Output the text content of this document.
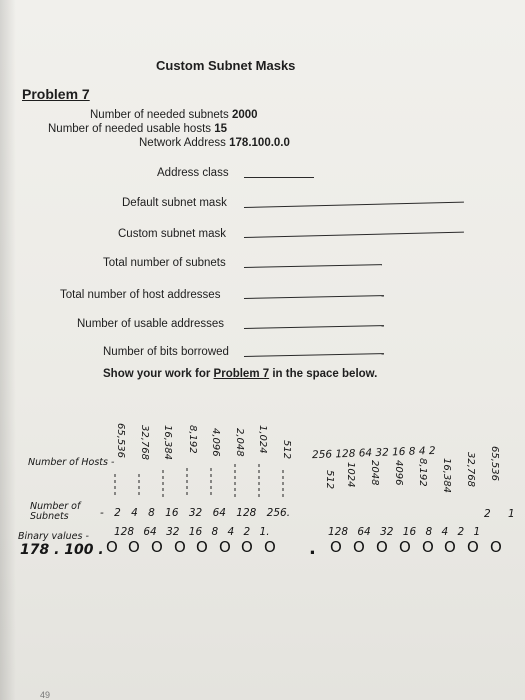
Custom Subnet Masks
Problem 7
Number of needed subnets 2000
Number of needed usable hosts 15
Network Address 178.100.0.0
Address class
Default subnet mask
Custom subnet mask
Total number of subnets
Total number of host addresses
Number of usable addresses
Number of bits borrowed
Show your work for Problem 7 in the space below.
Number of Hosts -
65,536 32,768 16,384 8,192 4,096 2,048 1,024 512 256 128 64 32 16 8 4 2
512 1024 2048 4096 8,192 16,384 32,768 65,536
Number of Subnets	- 2 4 8 16 32 64 128 256.	2 1
Binary values - 128 64 32 16 8 4 2 1.	128 64 32 16 8 4 2 1
178 . 100 . O O O O O O O O	O O O O O O O O
.
49
